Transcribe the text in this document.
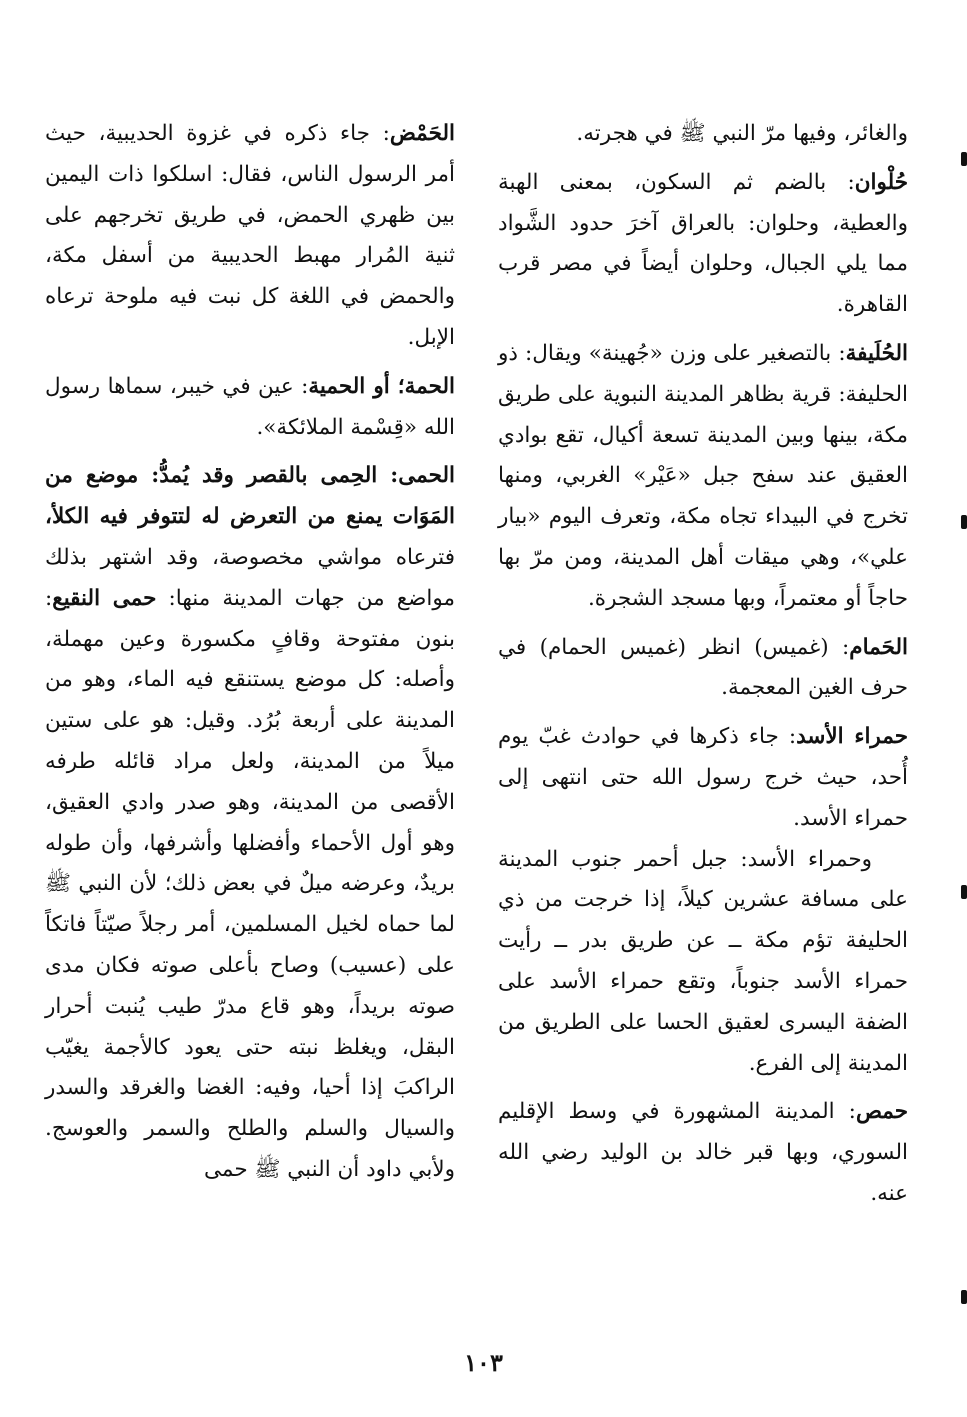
والغائر، وفيها مرّ النبي ﷺ في هجرته.

حُلْوان: بالضم ثم السكون، بمعنى الهبة والعطية، وحلوان: بالعراق آخرَ حدود الشَّواد مما يلي الجبال، وحلوان أيضاً في مصر قرب القاهرة.

الحُلَيفة: بالتصغير على وزن «جُهينة» ويقال: ذو الحليفة: قرية بظاهر المدينة النبوية على طريق مكة، بينها وبين المدينة تسعة أكيال، تقع بوادي العقيق عند سفح جبل «عَيْر» الغربي، ومنها تخرج في البيداء تجاه مكة، وتعرف اليوم «بيار علي»، وهي ميقات أهل المدينة، ومن مرّ بها حاجاً أو معتمراً، وبها مسجد الشجرة.

الحَمام: (غميس) انظر (غميس الحمام) في حرف الغين المعجمة.

حمراء الأسد: جاء ذكرها في حوادث غبّ يوم أُحد، حيث خرج رسول الله حتى انتهى إلى حمراء الأسد.

وحمراء الأسد: جبل أحمر جنوب المدينة على مسافة عشرين كيلاً، إذا خرجت من ذي الحليفة تؤم مكة ــ عن طريق بدر ــ رأيت حمراء الأسد جنوباً، وتقع حمراء الأسد على الضفة اليسرى لعقيق الحسا على الطريق من المدينة إلى الفرع.

حمص: المدينة المشهورة في وسط الإقليم السوري، وبها قبر خالد بن الوليد رضي الله عنه.

الحَمْض: جاء ذكره في غزوة الحديبية، حيث أمر الرسول الناس، فقال: اسلكوا ذات اليمين بين ظهري الحمض، في طريق تخرجهم على ثنية المُرار مهبط الحديبية من أسفل مكة، والحمض في اللغة كل نبت فيه ملوحة ترعاه الإبل.

الحمة؛ أو الحمية: عين في خيبر، سماها رسول الله «قِسْمة الملائكة».

الحمى: الحِمى بالقصر وقد يُمدُّ: موضع من المَوَات يمنع من التعرض له لتتوفر فيه الكلأ، فترعاه مواشي مخصوصة، وقد اشتهر بذلك مواضع من جهات المدينة منها: حمى النقيع: بنون مفتوحة وقافٍ مكسورة وعين مهملة، وأصله: كل موضع يستنقع فيه الماء، وهو من المدينة على أربعة بُرُد. وقيل: هو على ستين ميلاً من المدينة، ولعل مراد قائله طرفه الأقصى من المدينة، وهو صدر وادي العقيق، وهو أول الأحماء وأفضلها وأشرفها، وأن طوله بريدٌ، وعرضه ميلٌ في بعض ذلك؛ لأن النبي ﷺ لما حماه لخيل المسلمين، أمر رجلاً صيّتاً فاتكاً على (عسيب) وصاح بأعلى صوته فكان مدى صوته بريداً، وهو قاع مدرّ طيب يُنبت أحرار البقل، ويغلظ نبته حتى يعود كالأجمة يغيّب الراكبَ إذا أحيا، وفيه: الغضا والغرقد والسدر والسيال والسلم والطلح والسمر والعوسج. ولأبي داود أن النبي ﷺ حمى

١٠٣
